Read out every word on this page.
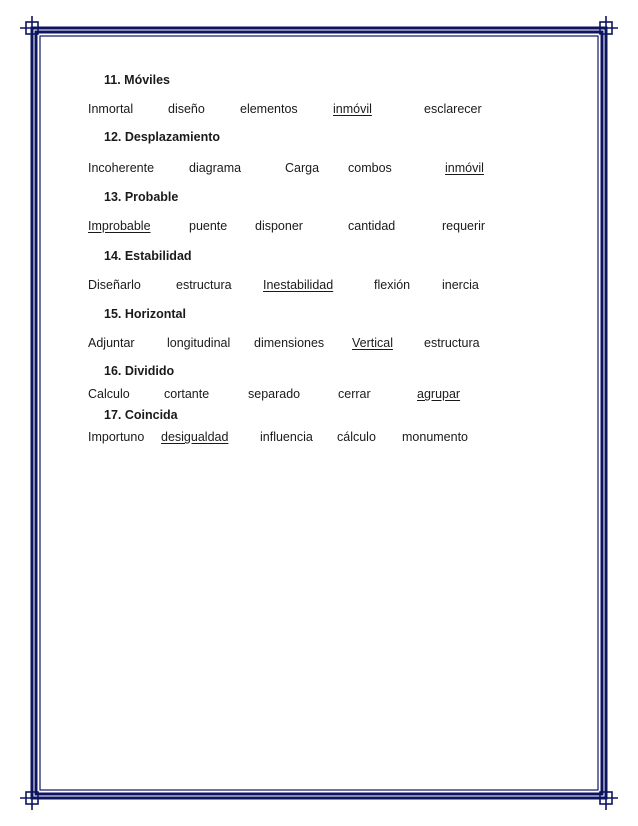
11. Móviles
Inmortal	diseño	elementos	inmóvil	esclarecer
12. Desplazamiento
Incoherente	diagrama	Carga combos	inmóvil
13. Probable
Improbable	puente disponer	cantidad	requerir
14. Estabilidad
Diseñarlo	estructura	Inestabilidad	flexión	inercia
15. Horizontal
Adjuntar	longitudinal dimensiones Vertical estructura
16. Dividido
Calculo	cortante	separado	cerrar	agrupar
17. Coincida
Importuno desigualdad	influencia cálculo monumento
